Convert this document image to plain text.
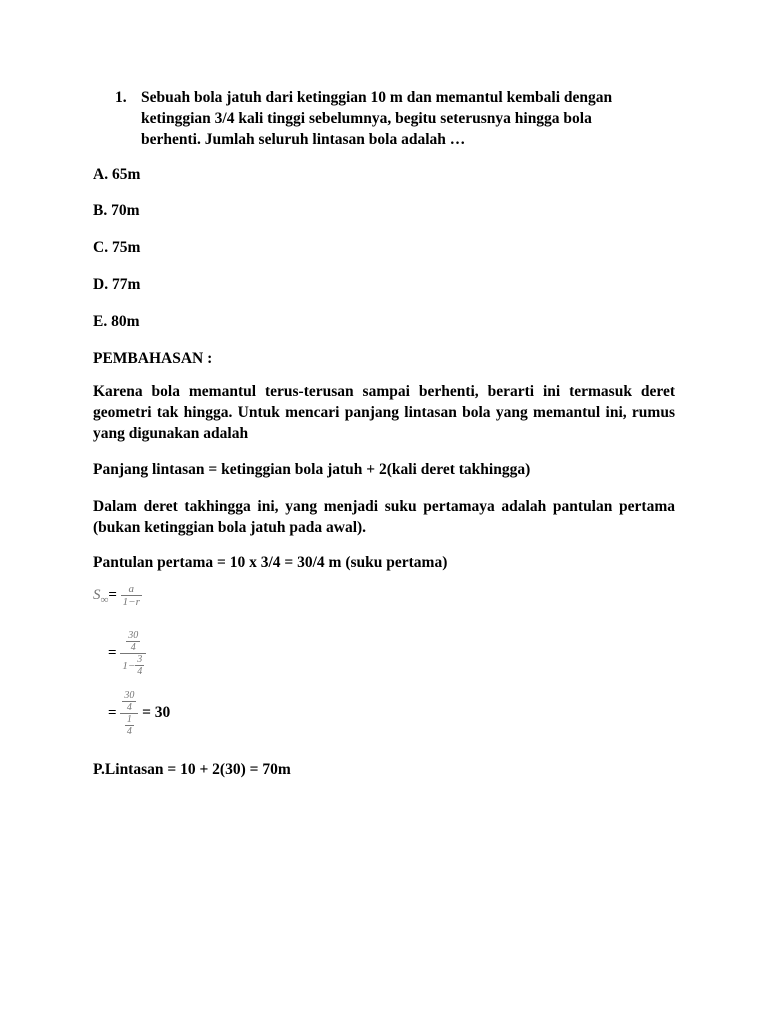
1. Sebuah bola jatuh dari ketinggian 10 m dan memantul kembali dengan ketinggian 3/4 kali tinggi sebelumnya, begitu seterusnya hingga bola berhenti. Jumlah seluruh lintasan bola adalah …
A. 65m
B. 70m
C. 75m
D. 77m
E. 80m
PEMBAHASAN :
Karena bola memantul terus-terusan sampai berhenti, berarti ini termasuk deret geometri tak hingga. Untuk mencari panjang lintasan bola yang memantul ini, rumus yang digunakan adalah
Panjang lintasan = ketinggian bola jatuh + 2(kali deret takhingga)
Dalam deret takhingga ini, yang menjadi suku pertamaya adalah pantulan pertama (bukan ketinggian bola jatuh pada awal).
Pantulan pertama = 10 x 3/4 = 30/4 m (suku pertama)
$S_\infty= \frac{a}{1-r}$
= $\frac{\frac{30}{4}}{1- \frac{3}{4}}$
= $\frac{\frac{30}{4}}{\frac{1}{4}} = 30$
P.Lintasan = 10 + 2(30) = 70m
